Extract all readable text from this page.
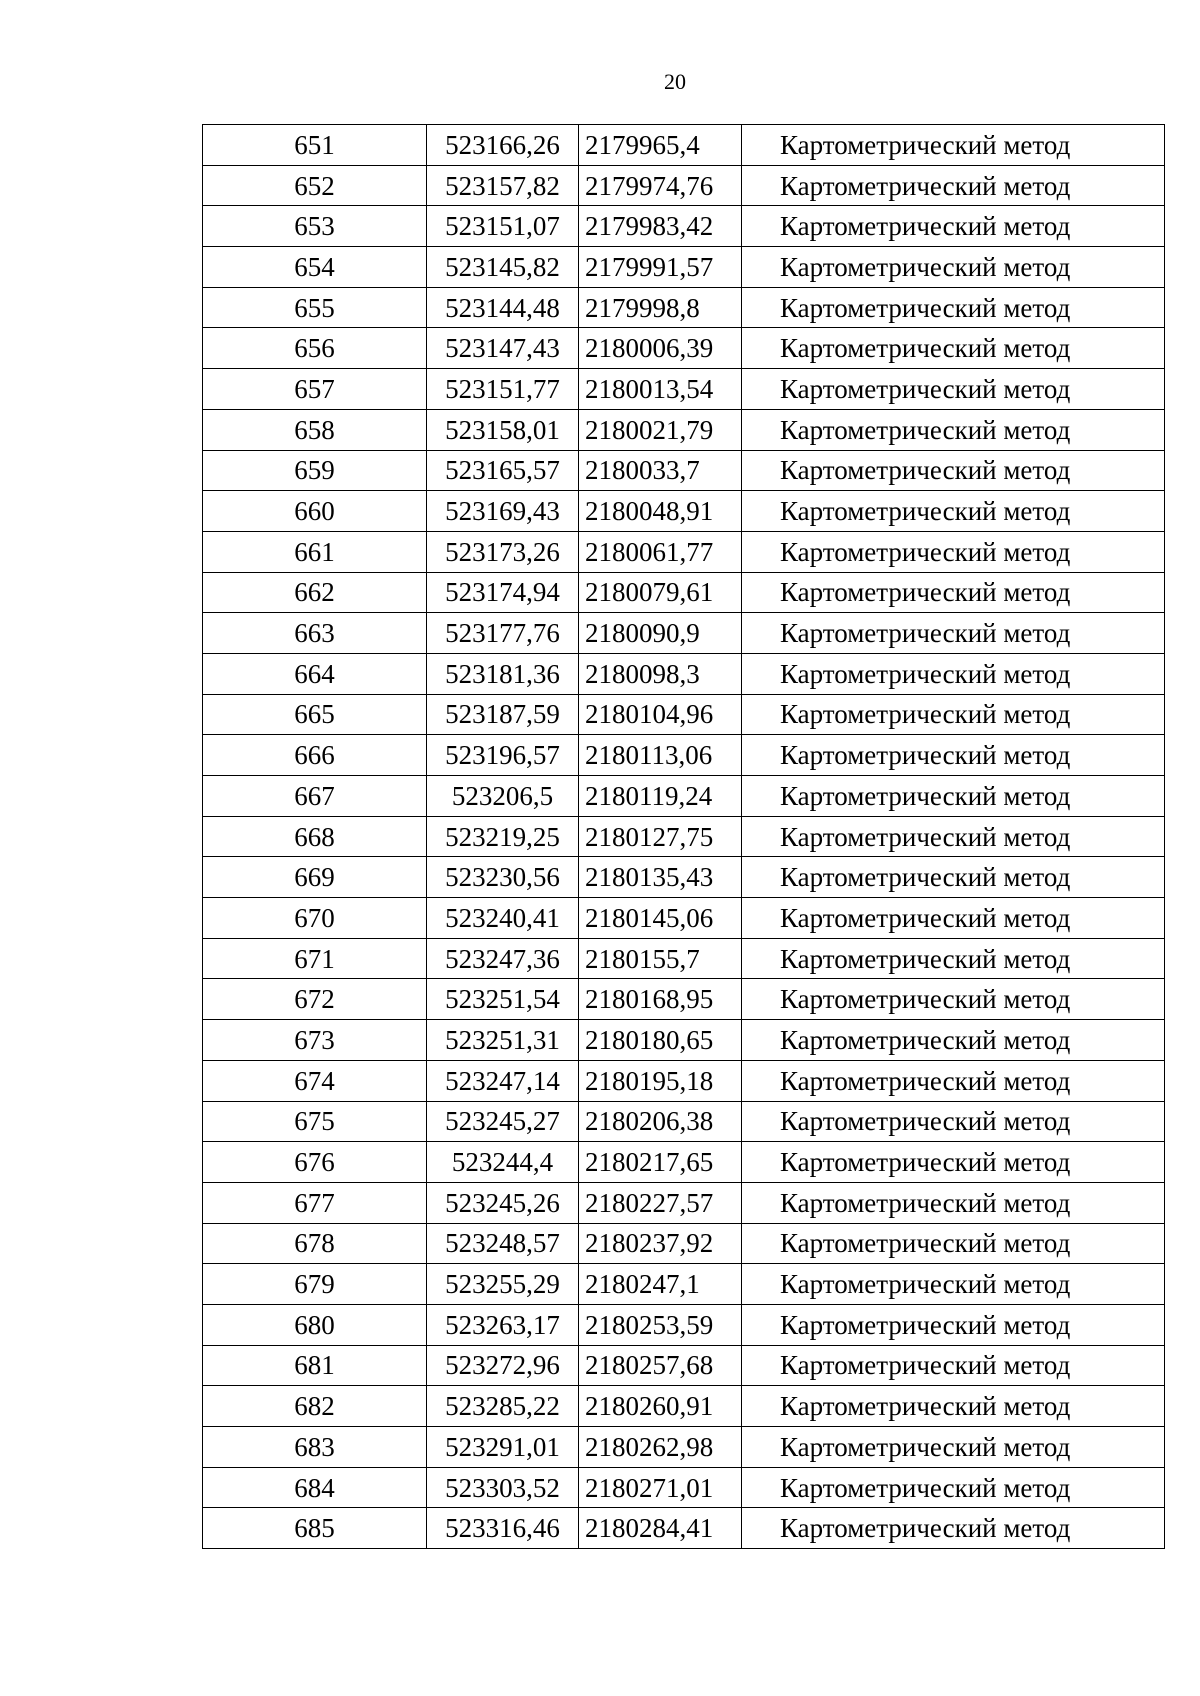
20
651	523166,26	2179965,4	Картометрический метод
652	523157,82	2179974,76	Картометрический метод
653	523151,07	2179983,42	Картометрический метод
654	523145,82	2179991,57	Картометрический метод
655	523144,48	2179998,8	Картометрический метод
656	523147,43	2180006,39	Картометрический метод
657	523151,77	2180013,54	Картометрический метод
658	523158,01	2180021,79	Картометрический метод
659	523165,57	2180033,7	Картометрический метод
660	523169,43	2180048,91	Картометрический метод
661	523173,26	2180061,77	Картометрический метод
662	523174,94	2180079,61	Картометрический метод
663	523177,76	2180090,9	Картометрический метод
664	523181,36	2180098,3	Картометрический метод
665	523187,59	2180104,96	Картометрический метод
666	523196,57	2180113,06	Картометрический метод
667	523206,5	2180119,24	Картометрический метод
668	523219,25	2180127,75	Картометрический метод
669	523230,56	2180135,43	Картометрический метод
670	523240,41	2180145,06	Картометрический метод
671	523247,36	2180155,7	Картометрический метод
672	523251,54	2180168,95	Картометрический метод
673	523251,31	2180180,65	Картометрический метод
674	523247,14	2180195,18	Картометрический метод
675	523245,27	2180206,38	Картометрический метод
676	523244,4	2180217,65	Картометрический метод
677	523245,26	2180227,57	Картометрический метод
678	523248,57	2180237,92	Картометрический метод
679	523255,29	2180247,1	Картометрический метод
680	523263,17	2180253,59	Картометрический метод
681	523272,96	2180257,68	Картометрический метод
682	523285,22	2180260,91	Картометрический метод
683	523291,01	2180262,98	Картометрический метод
684	523303,52	2180271,01	Картометрический метод
685	523316,46	2180284,41	Картометрический метод
